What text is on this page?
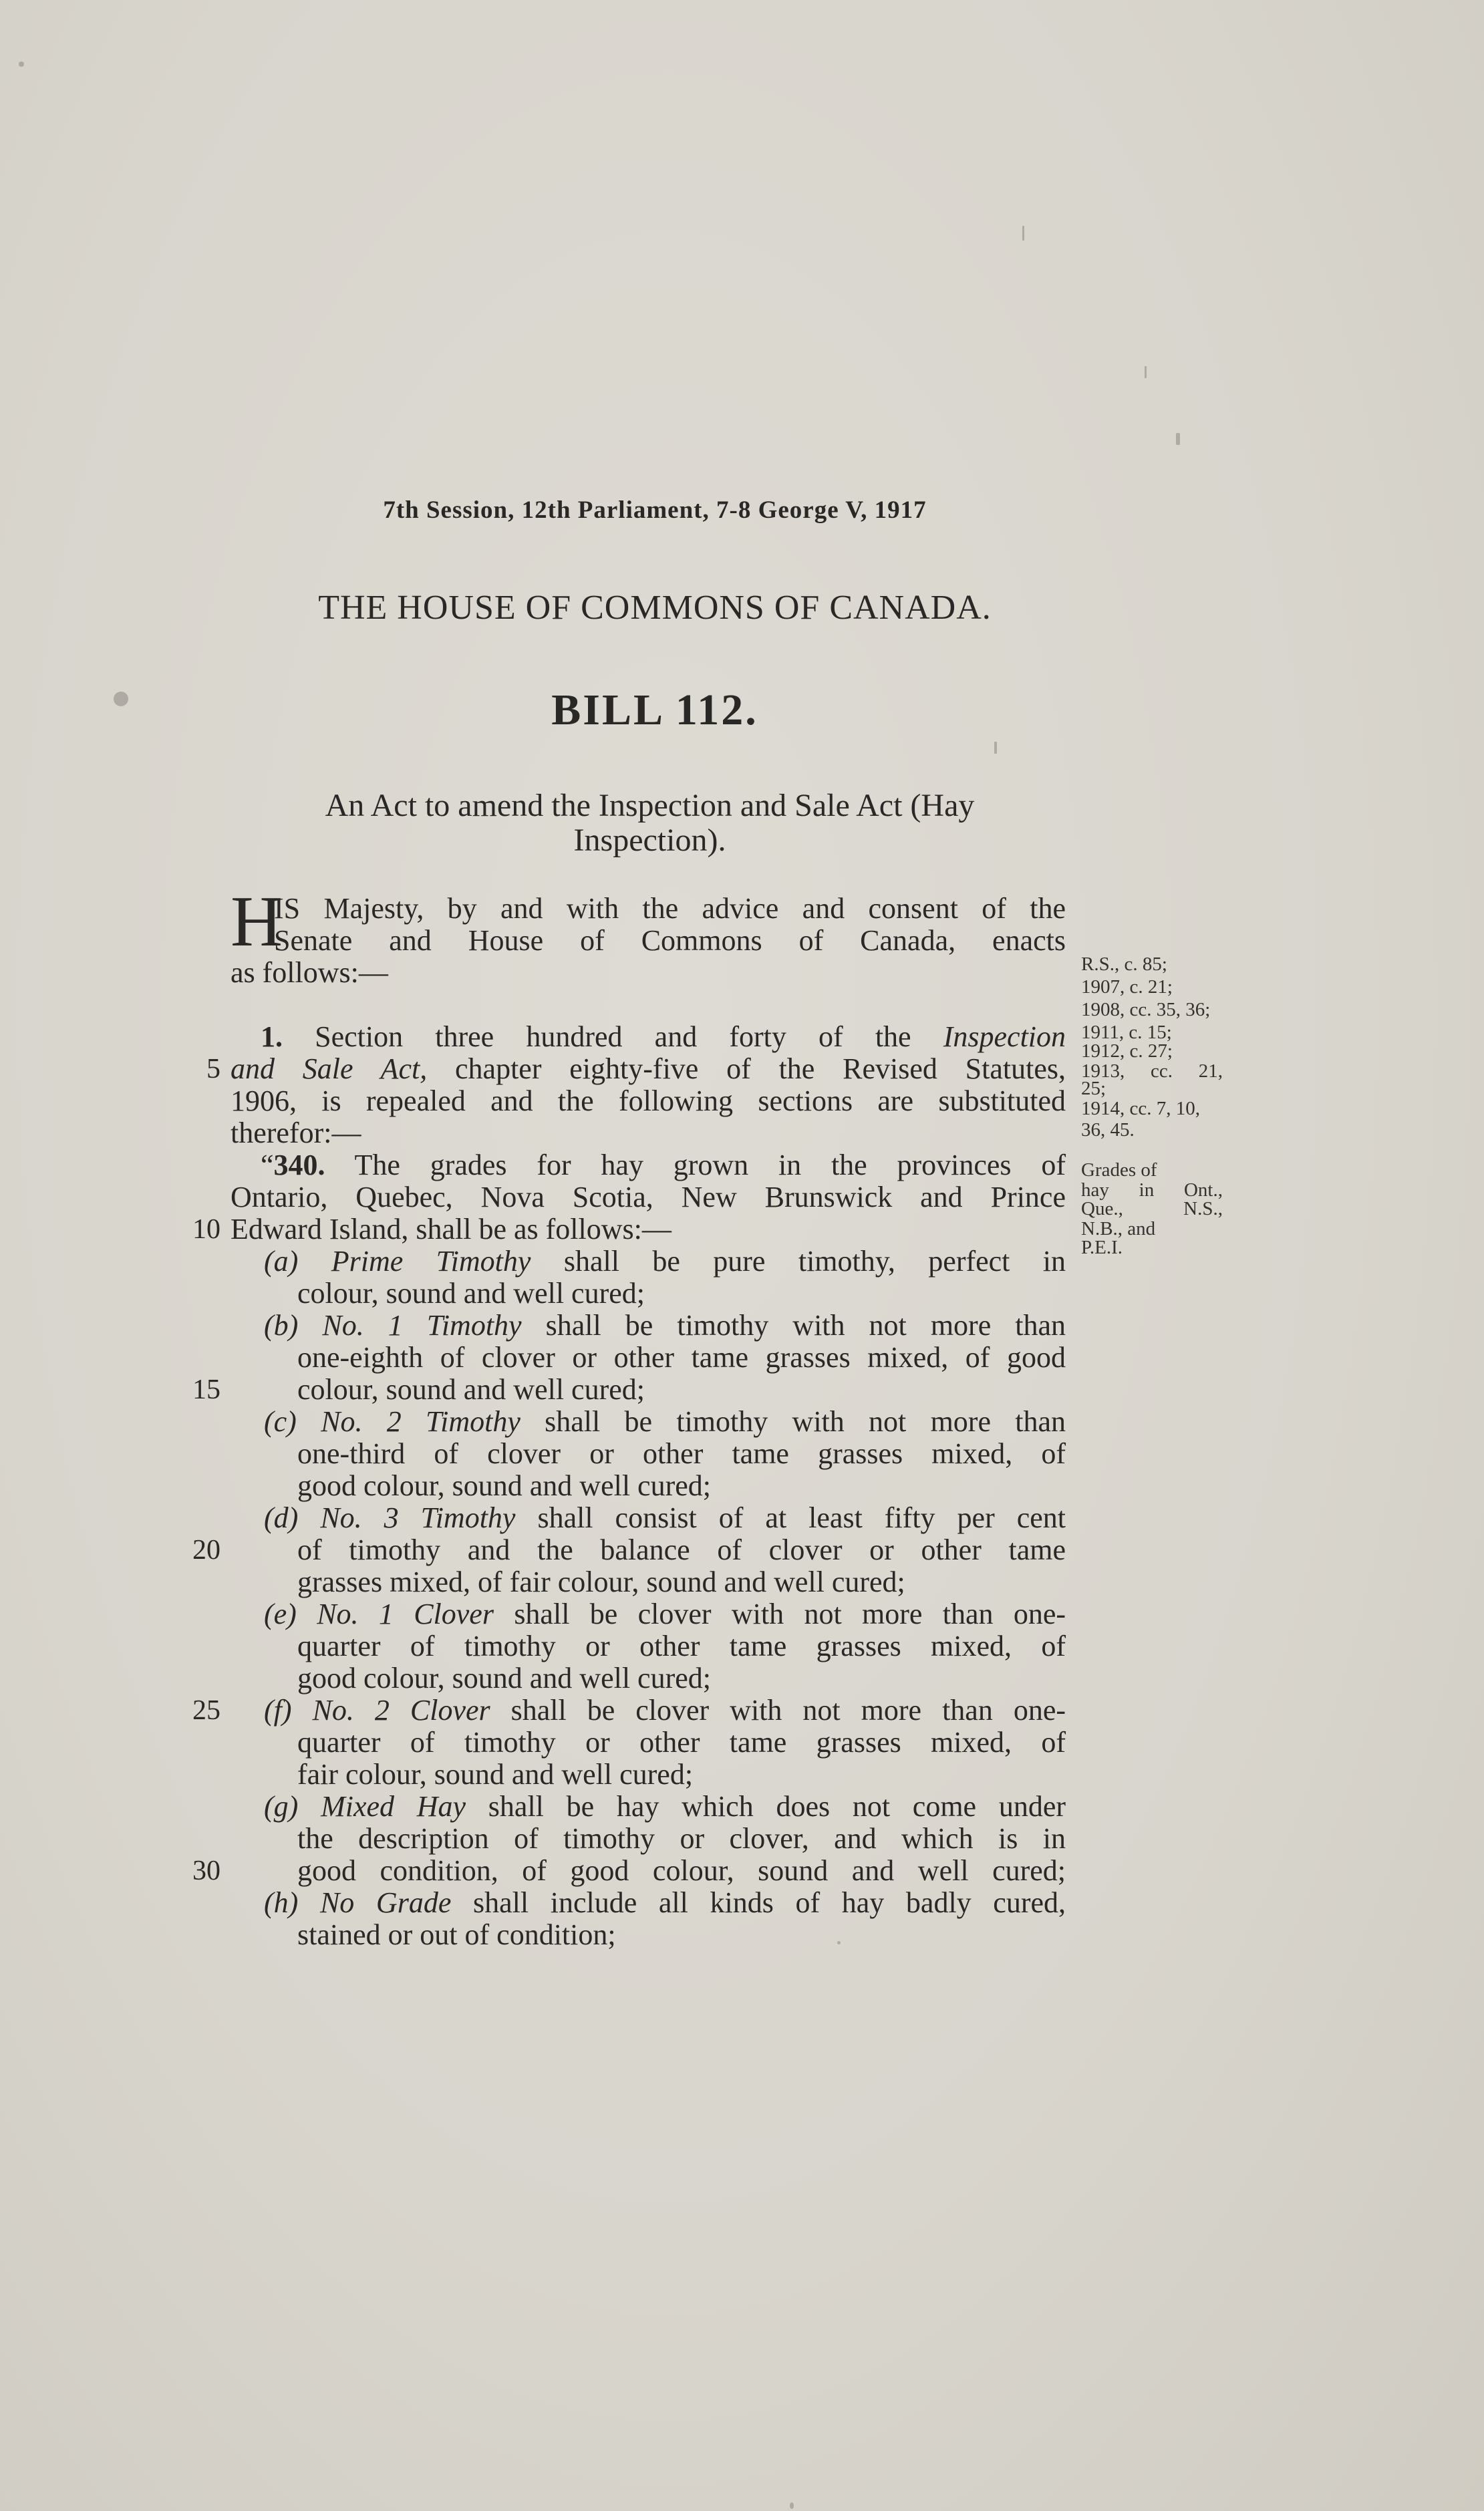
7th Session, 12th Parliament, 7-8 George V, 1917
THE HOUSE OF COMMONS OF CANADA.
BILL 112.
An Act to amend the Inspection and Sale Act (Hay
Inspection).
H
IS Majesty, by and with the advice and consent of the
Senate and House of Commons of Canada, enacts
as follows:—
1. Section three hundred and forty of the Inspection
and Sale Act, chapter eighty-five of the Revised Statutes,
1906, is repealed and the following sections are substituted
therefor:—
“340. The grades for hay grown in the provinces of
Ontario, Quebec, Nova Scotia, New Brunswick and Prince
Edward Island, shall be as follows:—
(a) Prime Timothy shall be pure timothy, perfect in
colour, sound and well cured;
(b) No. 1 Timothy shall be timothy with not more than
one-eighth of clover or other tame grasses mixed, of good
colour, sound and well cured;
(c) No. 2 Timothy shall be timothy with not more than
one-third of clover or other tame grasses mixed, of
good colour, sound and well cured;
(d) No. 3 Timothy shall consist of at least fifty per cent
of timothy and the balance of clover or other tame
grasses mixed, of fair colour, sound and well cured;
(e) No. 1 Clover shall be clover with not more than one-
quarter of timothy or other tame grasses mixed, of
good colour, sound and well cured;
(f) No. 2 Clover shall be clover with not more than one-
quarter of timothy or other tame grasses mixed, of
fair colour, sound and well cured;
(g) Mixed Hay shall be hay which does not come under
the description of timothy or clover, and which is in
good condition, of good colour, sound and well cured;
(h) No Grade shall include all kinds of hay badly cured,
stained or out of condition;
5
10
15
20
25
30
R.S., c. 85;
1907, c. 21;
1908, cc. 35, 36;
1911, c. 15;
1912, c. 27;
1913, cc. 21,
25;
1914, cc. 7, 10,
36, 45.
Grades of
hay in Ont.,
Que., N.S.,
N.B., and
P.E.I.
